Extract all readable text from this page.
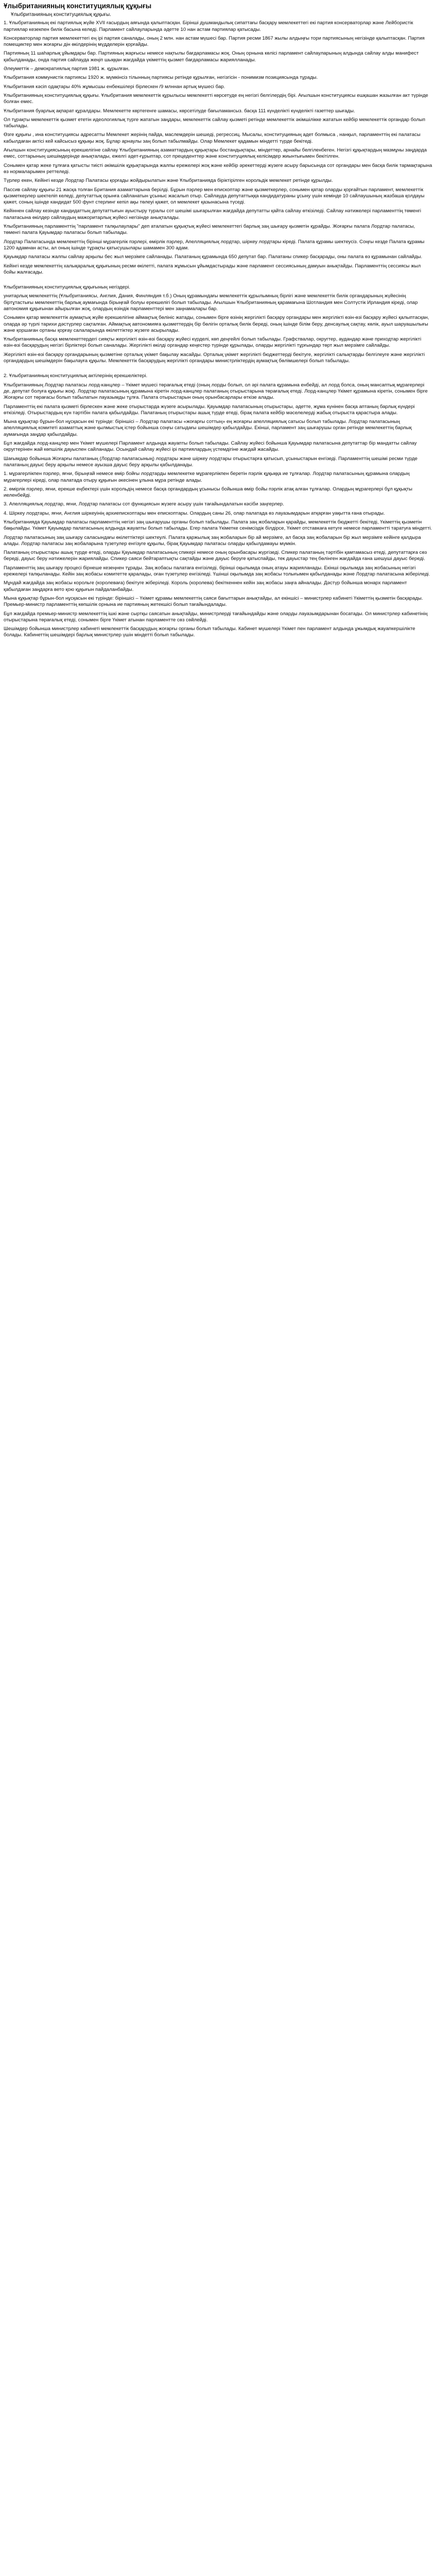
Ұлыбританияның конституциялық құқығы
Ұлыбританияның конституциялық құқығы.

1. Ұлыбританияның екі партиялық жүйе XVII ғасырдың аяғында қалыптасқан. Бірінші душмандылық сипаттағы басқару мемлекеттегі екі партия консерваторлар және Лейбористік партиялар кезекпен билік басына келеді. Парламент сайлауларында әдетте 10 нан астам партиялар қатысады.

Консерваторлар партия мемлекеттегі ең ірі партия саналады, оның 2 млн. нан астам мүшесі бар. Партия ресми 1867 жылы алдыңғы тори партиясының негізінде қалыптасқан. Партия помещиктер мен жоғарғы дін өкілдерінің мүдделерін қорғайды.

Партияның 11 шаһарлық ұйымдары бар. Партияның жарғысы немесе нақтылы бағдарламасы жоқ. Оның орнына көлісі парламент сайлауларының алдында сайлау алды манифест қабылданады, онда партия сайлауда жеңіп шыққан жағдайда үкіметтің қызмет бағдарламасы жариялланады.

Әлеуметтік – демократиялық партия 1981 ж. құрылған.

Ұлыбритания коммунистік партиясы 1920 ж. мүмкінсіз тілынның партиясы ретінде құрылған, негізгісін - понимизм позициясында тұрады.

Ұлыбритания кәсіп одақтары 40% жұмысшы енбекшілері бірлескен /9 млннан артық мүшесі бар.

Ұлыбританияның конституциялық құқығы. Ұлыбритания мемлекеттік құрылысы мемлекетті көрсетуде ең негізгі белгілердің бірі. Ағылшын конституциясы ешқашан жазылған акт түрінде болған емес.

Ұлыбритания буарлық ақпарат құралдары. Мемлекетте көртегенге шамасы, көрсетілуде бағыламансыз. басқа 111 күнделікті күнделікті газеттер шығады.

Ол тұрақты мемлекеттік қызмет ететін идеологиялық түрге жататын заңдары, мемлекеттік сайлау қызметі ретінде мемлекеттік әкімшілікке жататын кейбір мемлекеттік органдар болып табылады.

Өзге құқығы , ина конституциясы адресатты Мемлекет жерінің пайда, маслемдерін шешеді, регрессиц. Мысалы, конституцияның адет болмыса , нанқыл, парламенттің екі палатасы кабылдаған актісі кей кайсысыз құқықы жоқ. Бұлар арнаулы заң болып табылмайды. Олар Мемлекет қадамын міндетті түрде бекітеді.

Ағылшын конституциясының ерекшелігіне сайлау Ұлыбританияның азаматтардың құқықтары бостандықтары, міндеттер, арнайы белгіленбеген. Негізгі құқықтардың мазмұны заңдарда емес, соттарының шешімдерінде анықталады, ежелгі әдет-ғұрыптар, сот прецеденттер және конституциялық келісімдер жиынтығымен бекітілген.

Сонымен қатар жеке тұлғаға қатысты тиісті әкімшілік құқықтарында жалпы ережелері жоқ және кейбір әрекеттерді жүзеге асыру барысында сот органдары мен басқа билік тармақтарына өз нормаларымен реттеледі.

Түрлер екен, Кейінгі кезде Лордтар Палатасы қорғады жойдырылатын және Ұлыбританияда біріктірілген корольдік мемлекет ретінде құрылды.

Пассив сайлау құқығы 21 жасқа толған Британия азаматтарына берілді. Бұрын пэрлер мен епископтар және қызметкерлер, сонымен қатар оларды қорғайтын парламент, мемлекеттік қызметкерлер шектеліп келеді, депутаттық орынға сайланатын ұсыныс жасалып отыр. Сайлауда депутаттыққа кандидатураны ұсыну үшін кемінде 10 сайлаушының жазбаша қолдауы қажет, соның ішінде кандидат 500 фунт стерлинг кепіл ақы төлеуі қажет, ол мемлекет қазынасына түседі.

Кейіннен сайлау кезінде кандидаттың депутаттығын ауыстыру туралы сот шешімі шығарылған жағдайда депутатты қайта сайлау өткізіледі. Сайлау нәтижелері парламенттің төменгі палатасына өкілдер сайлаудың мажоритарлық жүйесі негізінде анықталады.

Ұлыбританияның парламенттің "парламент талқылаулары" деп аталатын құқықтық жүйесі мемлекеттегі барлық заң шығару қызметін құрайды. Жоғарғы палата Лордтар палатасы, төменгі палата Қауымдар палатасы болып табылады.

Лордтар Палатасында мемлекеттің бірінші мұрагерлік пэрлері, өмірлік пэрлер, Апелляциялық лордтар, шіркеу лордтары кіреді. Палата құрамы шектеусіз. Соңғы кезде Палата құрамы 1200 адамнан асты, ал оның ішінде тұрақты қатысушылары шамамен 300 адам.

Қауымдар палатасы жалпы сайлау арқылы бес жыл мерзімге сайланады. Палатаның құрамында 650 депутат бар. Палатаны спикер басқарады, оны палата өз құрамынан сайлайды.

Кейінгі кезде мемлекеттің халықаралық құқығының ресми өкілетті, палата жұмысын ұйымдастырады және парламент сессиясының дамуын анықтайды. Парламенттің сессиясы жыл бойы жалғасады.

Ұлыбританияның конституциялық құқығының негіздері.

унитарлық мемлекеттің (Ұлыбританиясы, Англия, Дания, Финляндия т.б.) Оның құрамындағы мемлекеттік құрылымның бірлігі және мемлекеттік билік органдарының жүйесінің біртұтастығы мемлекеттің барлық аумағында бірыңғай болуы ерекшелігі болып табылады. Ағылшын Ұлыбританияның қарамағына Шотландия мен Солтүстік Ирландия кіреді, олар автономия құқығынан айырылған жоқ, олардың өзіндік парламенттері мен заңнамалары бар.

Сонымен қатар мемлекеттік аумақтық жүйе ерекшелігіне аймақтық бөлініс жатады, сонымен бірге өзінің жергілікті басқару органдары мен жергілікті өзін-өзі басқару жүйесі қалыптасқан, оларда әр түрлі тарихи дәстүрлер сақталған. Аймақтық автономияға қызметтердің бір бөлігін орталық билік береді, оның ішінде білім беру, денсаулық сақтау, көлік, ауыл шаруашылығы және қоршаған ортаны қорғау салаларында өкілеттіктер жүзеге асырылады.

Ұлыбританияның басқа мемлекеттердегі сияқты жергілікті өзін-өзі басқару жүйесі күрделі, көп деңгейлі болып табылады. Графствалар, округтер, аудандар және приходтар жергілікті өзін-өзі басқарудың негізгі бірліктері болып саналады. Жергілікті өкілді органдар кеңестер түрінде құрылады, оларды жергілікті тұрғындар төрт жыл мерзімге сайлайды.

Жергілікті өзін-өзі басқару органдарының қызметіне орталық үкімет бақылау жасайды. Орталық үкімет жергілікті бюджеттерді бекітуге, жергілікті салықтарды белгілеуге және жергілікті органдардың шешімдерін бақылауға құқылы. Мемлекеттік басқарудың жергілікті органдары министрліктердің аумақтық бөлімшелері болып табылады.

2. Ұлыбританияның конституциялық актілерінің ерекшеліктері.

Ұлыбританияның Лордтар палатасы лорд-канцлер – Үкімет мүшесі төрағалық етеді (оның лорды болып, ол әрі палата құрамына енбейді, ал лорд болса, оның мансаптық мұрагерлері де, депутат болуға құқығы жоқ). Лордтар палатасының құрамына кіретін лорд-канцлер палатаның отырыстарына төрағалық етеді. Лорд-канцлер Үкімет құрамына кіретін, сонымен бірге Жоғарғы сот төрағасы болып табылатын лауазымды тұлға. Палата отырыстарын оның орынбасарлары өткізе алады.

Парламенттің екі палата қызметі бірлескен және жеке отырыстарда жүзеге асырылады. Қауымдар палатасының отырыстары, әдетте, жұма күнінен басқа аптаның барлық күндері өткізіледі. Отырыстардың күн тәртібін палата қабылдайды. Палатаның отырыстары ашық түрде өтеді, бірақ палата кейбір мәселелерді жабық отырыста қарастыра алады.

Мына құқықтар бұрын-бол нұсқасын екі түрінде: біріншісі – Лордтар палатасы «жоғарғы соттың» ең жоғарғы апелляциялық сатысы болып табылады. Лордтар палатасының апелляциялық комитеті азаматтық және қылмыстық істер бойынша соңғы сатыдағы шешімдер қабылдайды. Екінші, парламент заң шығарушы орган ретінде мемлекеттің барлық аумағында заңдар қабылдайды.

Бұл жағдайда лорд-канцлер мен Үкімет мүшелері Парламент алдында жауапты болып табылады. Сайлау жүйесі бойынша Қауымдар палатасына депутаттар бір мандатты сайлау округтерінен жай көпшілік дауыспен сайланады. Осындай сайлау жүйесі ірі партиялардың үстемдігіне жағдай жасайды.

Шағымдар бойынша Жоғарғы палатаның (Лордтар палатасының) лордтары және шіркеу лордтары отырыстарға қатысып, ұсыныстарын енгізеді. Парламенттің шешімі ресми түрде палатаның дауыс беру арқылы немесе ауызша дауыс беру арқылы қабылданады.

1. мұрагерлікпен пэрлер, яғни, бірыңғай немесе өмір бойғы лордтарды мемлекетке мұрагерлікпен беретін пэрлік құқыққа ие тұлғалар. Лордтар палатасының құрамына олардың мұрагерлері кіреді, олар палатада отыру құқығын әкесінен ұлына мұра ретінде алады.

2. өмірлік пэрлер, яғни, ерекше еңбектері үшін корольдің немесе басқа органдардың ұсынысы бойынша өмір бойы пэрлік атақ алған тұлғалар. Олардың мұрагерлері бұл құқықты иеленбейді.

3. Апелляциялық лордтар, яғни, Лордтар палатасы сот функциясын жүзеге асыру үшін тағайындалатын кәсіби заңгерлер.

4. Шіркеу лордтары, яғни, Англия шіркеуінің архиепископтары мен епископтары. Олардың саны 26, олар палатада өз лауазымдарын атқарған уақытта ғана отырады.

Ұлыбританияда Қауымдар палатасы парламенттің негізгі заң шығарушы органы болып табылады. Палата заң жобаларын қарайды, мемлекеттік бюджетті бекітеді, Үкіметтің қызметін бақылайды. Үкімет Қауымдар палатасының алдында жауапты болып табылады. Егер палата Үкіметке сенімсіздік білдірсе, Үкімет отставкаға кетуге немесе парламентті таратуға міндетті.

Лордтар палатасының заң шығару саласындағы өкілеттіктері шектеулі. Палата қаржылық заң жобаларын бір ай мерзімге, ал басқа заң жобаларын бір жыл мерзімге кейінге қалдыра алады. Лордтар палатасы заң жобаларына түзетулер енгізуге құқылы, бірақ Қауымдар палатасы оларды қабылдамауы мүмкін.

Палатаның отырыстары ашық түрде өтеді, оларды Қауымдар палатасының спикері немесе оның орынбасары жүргізеді. Спикер палатаның тәртібін қамтамасыз етеді, депутаттарға сөз береді, дауыс беру нәтижелерін жариялайды. Спикер саяси бейтараптықты сақтайды және дауыс беруге қатыспайды, тек дауыстар тең бөлінген жағдайда ғана шешуші дауыс береді.

Парламенттің заң шығару процесі бірнеше кезеңнен тұрады. Заң жобасы палатаға енгізіледі, бірінші оқылымда оның атауы жарияланады. Екінші оқылымда заң жобасының негізгі ережелері талқыланады. Кейін заң жобасы комитетте қаралады, оған түзетулер енгізіледі. Үшінші оқылымда заң жобасы толығымен қабылданады және Лордтар палатасына жіберіледі.

Мұндай жағдайда заң жобасы корольге (королеваға) бекітуге жіберіледі. Король (королева) бекіткеннен кейін заң жобасы заңға айналады. Дәстүр бойынша монарх парламент қабылдаған заңдарға вето қою құқығын пайдаланбайды.

Мына құқықтар бұрын-бол нұсқасын екі түрінде: біріншісі – Үкімет құрамы мемлекеттің саяси бағыттарын анықтайды, ал екіншісі – министрлер кабинеті Үкіметтің қызметін басқарады. Премьер-министр парламенттің көпшілік орнына ие партияның жетекшісі болып тағайындалады.

Бұл жағдайда премьер-министр мемлекеттің ішкі және сыртқы саясатын анықтайды, министрлерді тағайындайды және оларды лауазымдарынан босатады. Ол министрлер кабинетінің отырыстарына төрағалық етеді, сонымен бірге Үкімет атынан парламентте сөз сөйлейді.

Шешімдер бойынша министрлер кабинеті мемлекеттік басқарудың жоғарғы органы болып табылады. Кабинет мүшелері Үкімет пен парламент алдында ұжымдық жауапкершілікте болады. Кабинеттің шешімдері барлық министрлер үшін міндетті болып табылады.
